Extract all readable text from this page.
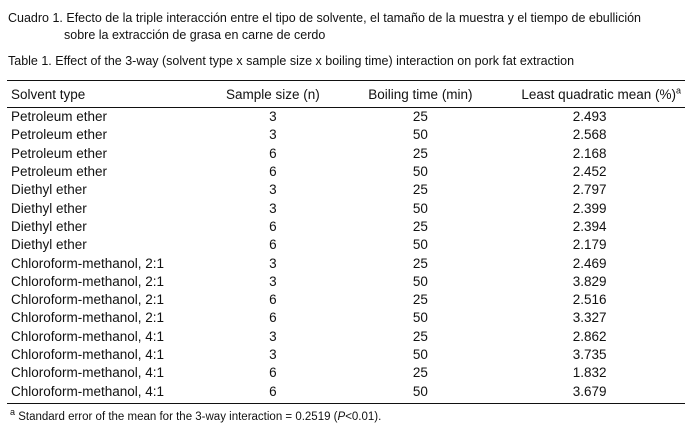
Cuadro 1. Efecto de la triple interacción entre el tipo de solvente, el tamaño de la muestra y el tiempo de ebullición
sobre la extracción de grasa en carne de cerdo
Table 1. Effect of the 3-way (solvent type x sample size x boiling time) interaction on pork fat extraction
Solvent type	Sample size (n)	Boiling time (min)	Least quadratic mean (%)$^a$
Petroleum ether	3	25	2.493
Petroleum ether	3	50	2.568
Petroleum ether	6	25	2.168
Petroleum ether	6	50	2.452
Diethyl ether	3	25	2.797
Diethyl ether	3	50	2.399
Diethyl ether	6	25	2.394
Diethyl ether	6	50	2.179
Chloroform-methanol, 2:1	3	25	2.469
Chloroform-methanol, 2:1	3	50	3.829
Chloroform-methanol, 2:1	6	25	2.516
Chloroform-methanol, 2:1	6	50	3.327
Chloroform-methanol, 4:1	3	25	2.862
Chloroform-methanol, 4:1	3	50	3.735
Chloroform-methanol, 4:1	6	25	1.832
Chloroform-methanol, 4:1	6	50	3.679
$^a$ Standard error of the mean for the 3-way interaction = 0.2519 (P<0.01).
